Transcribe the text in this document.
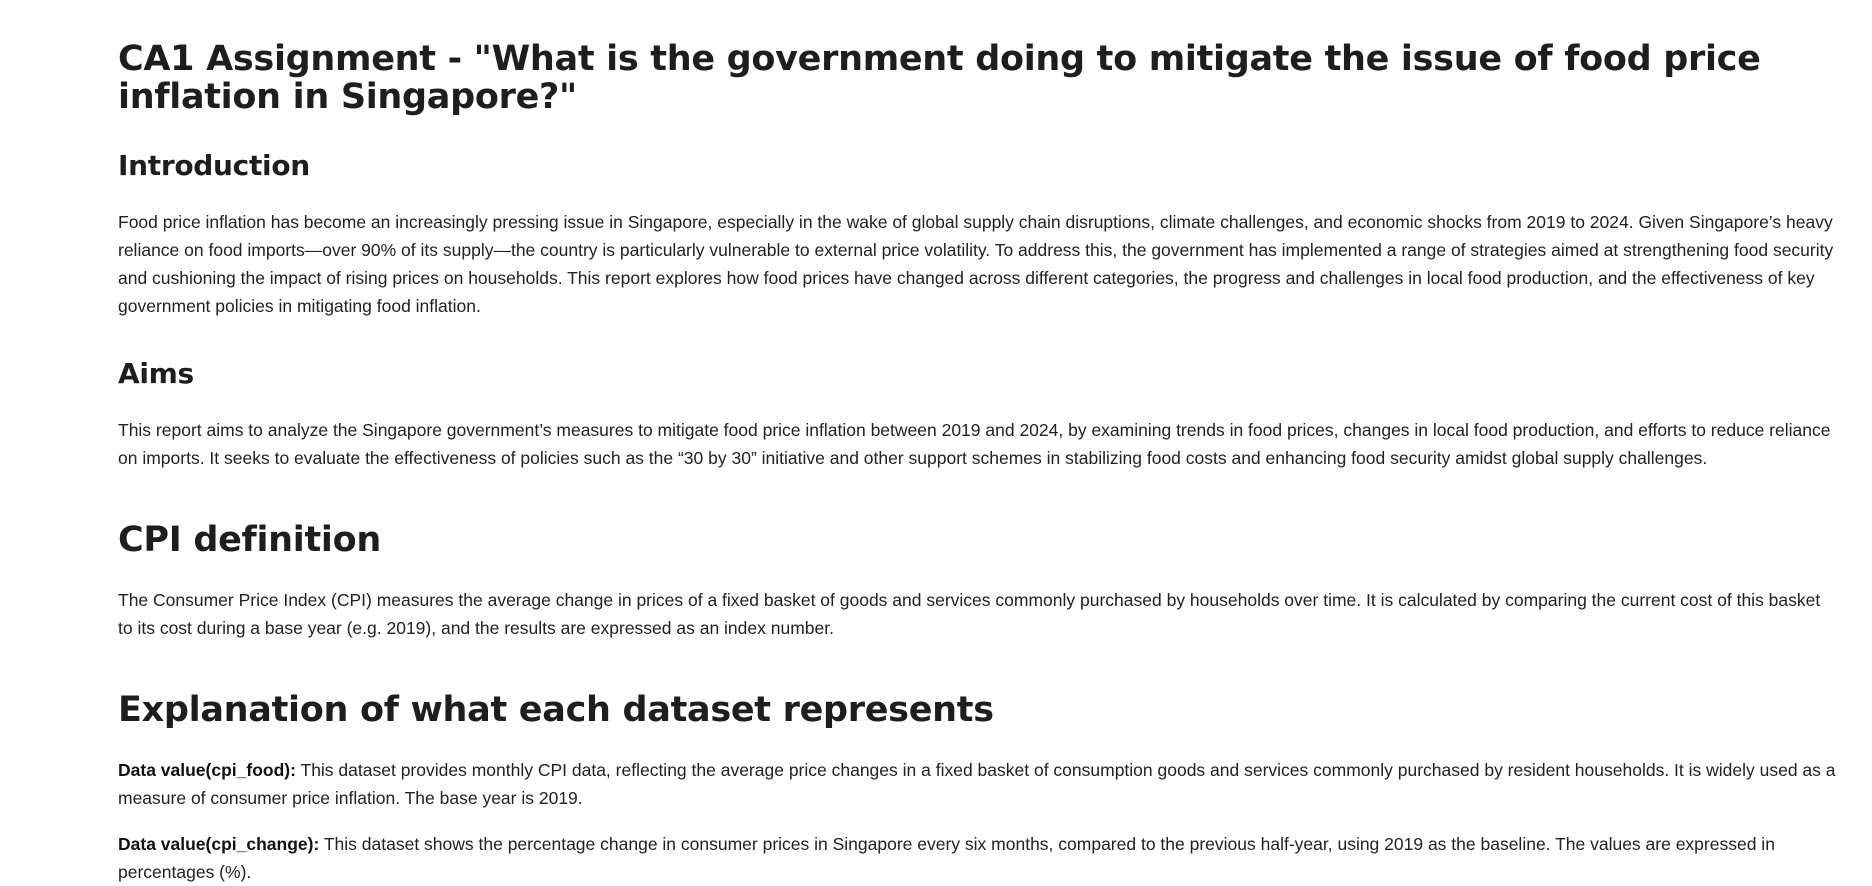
CA1 Assignment - "What is the government doing to mitigate the issue of food price inflation in Singapore?"
Introduction

Food price inflation has become an increasingly pressing issue in Singapore, especially in the wake of global supply chain disruptions, climate challenges, and economic shocks from 2019 to 2024. Given Singapore’s heavy reliance on food imports—over 90% of its supply—the country is particularly vulnerable to external price volatility. To address this, the government has implemented a range of strategies aimed at strengthening food security and cushioning the impact of rising prices on households. This report explores how food prices have changed across different categories, the progress and challenges in local food production, and the effectiveness of key government policies in mitigating food inflation.

Aims

This report aims to analyze the Singapore government’s measures to mitigate food price inflation between 2019 and 2024, by examining trends in food prices, changes in local food production, and efforts to reduce reliance on imports. It seeks to evaluate the effectiveness of policies such as the “30 by 30” initiative and other support schemes in stabilizing food costs and enhancing food security amidst global supply challenges.

CPI definition

The Consumer Price Index (CPI) measures the average change in prices of a fixed basket of goods and services commonly purchased by households over time. It is calculated by comparing the current cost of this basket to its cost during a base year (e.g. 2019), and the results are expressed as an index number.

Explanation of what each dataset represents

Data value(cpi_food): This dataset provides monthly CPI data, reflecting the average price changes in a fixed basket of consumption goods and services commonly purchased by resident households. It is widely used as a measure of consumer price inflation. The base year is 2019.

Data value(cpi_change): This dataset shows the percentage change in consumer prices in Singapore every six months, compared to the previous half-year, using 2019 as the baseline. The values are expressed in percentages (%).
